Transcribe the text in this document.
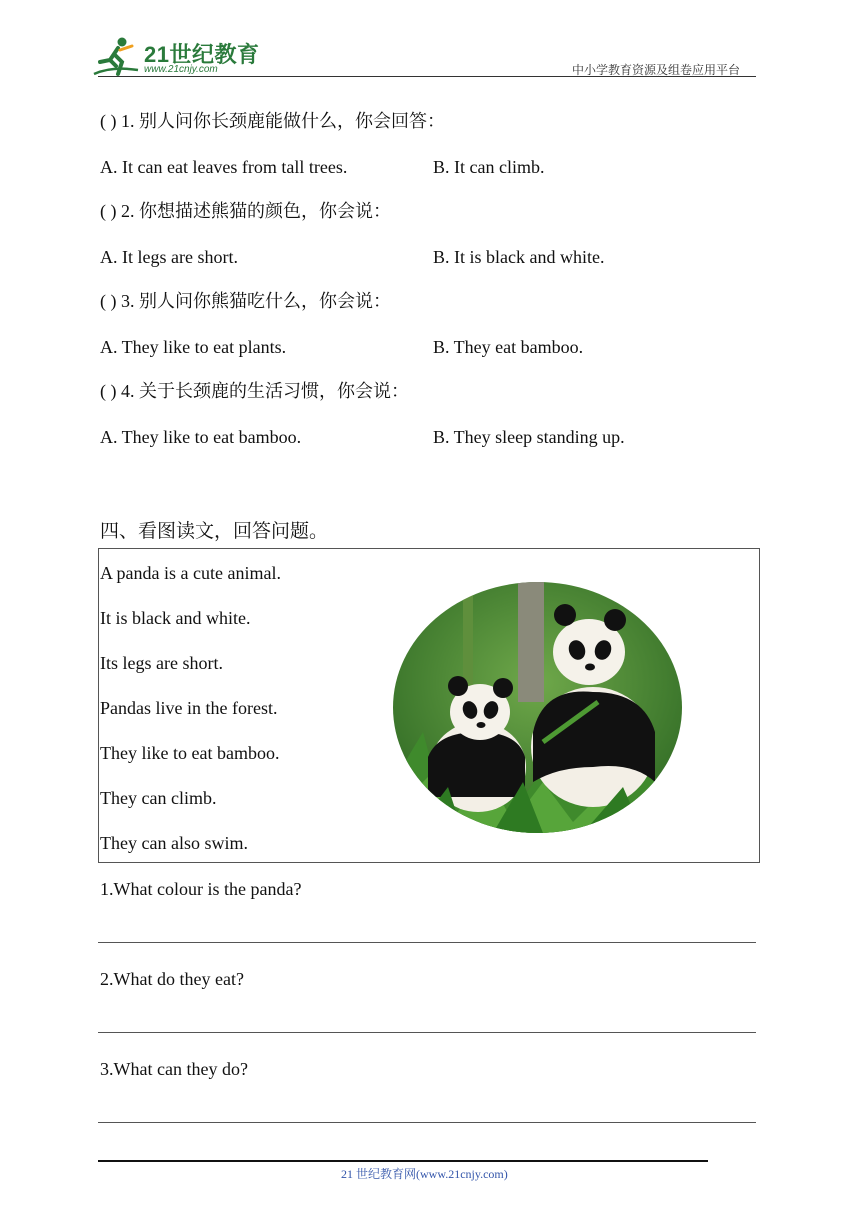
21世纪教育
www.21cnjy.com	中小学教育资源及组卷应用平台
( ) 1. 别人问你长颈鹿能做什么，你会回答：
A. It can eat leaves from tall trees.	B. It can climb.
( ) 2. 你想描述熊猫的颜色，你会说：
A. It legs are short.	B. It is black and white.
( ) 3. 别人问你熊猫吃什么，你会说：
A. They like to eat plants.	B. They eat bamboo.
( ) 4. 关于长颈鹿的生活习惯，你会说：
A. They like to eat bamboo.	B. They sleep standing up.
四、看图读文，回答问题。
A panda is a cute animal.
It is black and white.
Its legs are short.
Pandas live in the forest.
They like to eat bamboo.
They can climb.
They can also swim.
1.What colour is the panda?
2.What do they eat?
3.What can they do?
21 世纪教育网(www.21cnjy.com)
